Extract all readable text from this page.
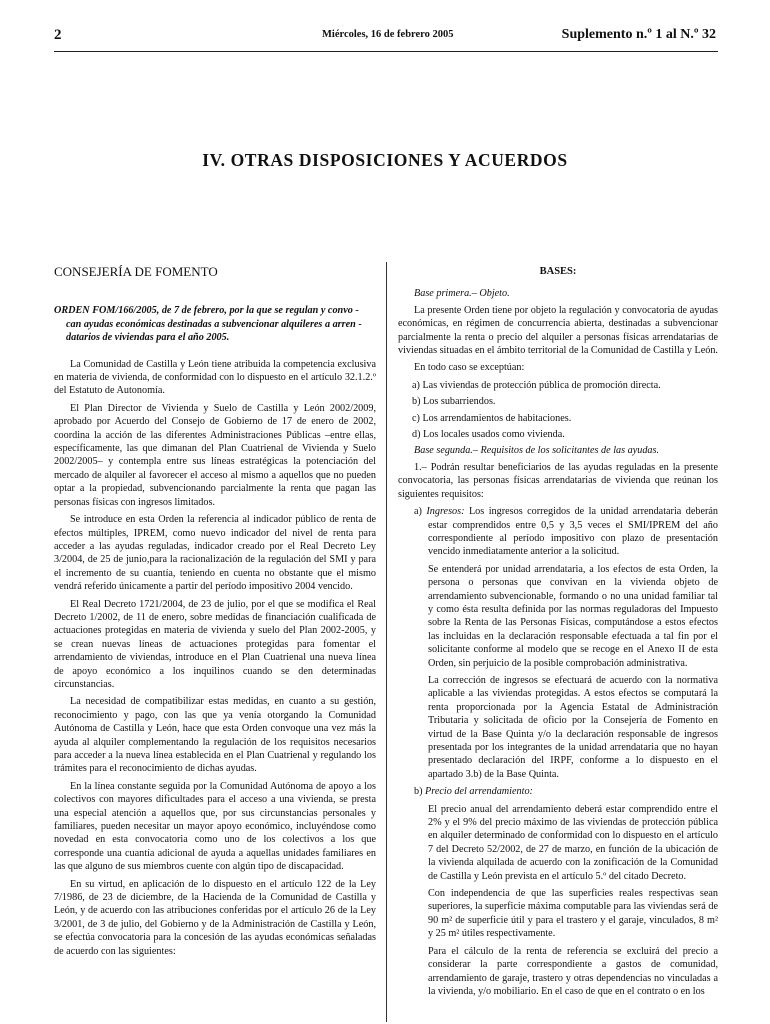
2	Miércoles, 16 de febrero 2005	Suplemento n.º 1 al N.º 32
IV. OTRAS DISPOSICIONES Y ACUERDOS
CONSEJERÍA DE FOMENTO
ORDEN FOM/166/2005, de 7 de febrero, por la que se regulan y convo -
can ayudas económicas destinadas a subvencionar alquileres a arren -
datarios de viviendas para el año 2005.

La Comunidad de Castilla y León tiene atribuida la competencia exclusiva en materia de vivienda, de conformidad con lo dispuesto en el artículo 32.1.2.º del Estatuto de Autonomía.

El Plan Director de Vivienda y Suelo de Castilla y León 2002/2009, aprobado por Acuerdo del Consejo de Gobierno de 17 de enero de 2002, coordina la acción de las diferentes Administraciones Públicas –entre ellas, específicamente, las que dimanan del Plan Cuatrienal de Vivienda y Suelo 2002/2005– y contempla entre sus líneas estratégicas la potenciación del mercado de alquiler al favorecer el acceso al mismo a aquellos que no pueden optar a la propiedad, subvencionando parcialmente la renta que pagan las personas físicas con ingresos limitados.

Se introduce en esta Orden la referencia al indicador público de renta de efectos múltiples, IPREM, como nuevo indicador del nivel de renta para acceder a las ayudas reguladas, indicador creado por el Real Decreto Ley 3/2004, de 25 de junio,para la racionalización de la regulación del SMI y para el incremento de su cuantía, teniendo en cuenta no obstante que el mismo vendrá referido únicamente a partir del período impositivo 2004 vencido.

El Real Decreto 1721/2004, de 23 de julio, por el que se modifica el Real Decreto 1/2002, de 11 de enero, sobre medidas de financiación cualificada de actuaciones protegidas en materia de vivienda y suelo del Plan 2002-2005, y se crean nuevas líneas de actuaciones protegidas para fomentar el arrendamiento de viviendas, introduce en el Plan Cuatrienal una nueva línea de apoyo económico a los inquilinos cuando se den determinadas circunstancias.

La necesidad de compatibilizar estas medidas, en cuanto a su gestión, reconocimiento y pago, con las que ya venía otorgando la Comunidad Autónoma de Castilla y León, hace que esta Orden convoque una vez más la ayuda al alquiler complementando la regulación de los requisitos necesarios para acceder a la nueva línea establecida en el Plan Cuatrienal y regulando los trámites para el reconocimiento de dichas ayudas.

En la línea constante seguida por la Comunidad Autónoma de apoyo a los colectivos con mayores dificultades para el acceso a una vivienda, se presta una especial atención a aquellos que, por sus circunstancias personales y familiares, pueden necesitar un mayor apoyo económico, incluyéndose como novedad en esta convocatoria como uno de los colectivos a los que corresponde una cuantía adicional de ayuda a aquellas unidades familiares en las que alguno de sus miembros cuente con algún tipo de discapacidad.

En su virtud, en aplicación de lo dispuesto en el artículo 122 de la Ley 7/1986, de 23 de diciembre, de la Hacienda de la Comunidad de Castilla y León, y de acuerdo con las atribuciones conferidas por el artículo 26 de la Ley 3/2001, de 3 de julio, del Gobierno y de la Administración de Castilla y León, se efectúa convocatoria para la concesión de las ayudas económicas señaladas de acuerdo con las siguientes:

BASES:
Base primera.– Objeto.

La presente Orden tiene por objeto la regulación y convocatoria de ayudas económicas, en régimen de concurrencia abierta, destinadas a subvencionar parcialmente la renta o precio del alquiler a personas físicas arrendatarias de viviendas situadas en el ámbito territorial de la Comunidad de Castilla y León.

En todo caso se exceptúan:

a) Las viviendas de protección pública de promoción directa.
b) Los subarriendos.
c) Los arrendamientos de habitaciones.
d) Los locales usados como vivienda.
Base segunda.– Requisitos de los solicitantes de las ayudas.

1.– Podrán resultar beneficiarios de las ayudas reguladas en la presente convocatoria, las personas físicas arrendatarias de vivienda que reúnan los siguientes requisitos:

a) Ingresos: Los ingresos corregidos de la unidad arrendataria deberán estar comprendidos entre 0,5 y 3,5 veces el SMI/IPREM del año correspondiente al período impositivo con plazo de presentación vencido inmediatamente anterior a la solicitud.

Se entenderá por unidad arrendataria, a los efectos de esta Orden, la persona o personas que convivan en la vivienda objeto de arrendamiento subvencionable, formando o no una unidad familiar tal y como ésta resulta definida por las normas reguladoras del Impuesto sobre la Renta de las Personas Físicas, computándose a estos efectos las incluidas en la declaración responsable efectuada a tal fin por el solicitante conforme al modelo que se recoge en el Anexo II de esta Orden, sin perjuicio de la posible comprobación administrativa.

La corrección de ingresos se efectuará de acuerdo con la normativa aplicable a las viviendas protegidas. A estos efectos se computará la renta proporcionada por la Agencia Estatal de Administración Tributaria y solicitada de oficio por la Consejería de Fomento en virtud de la Base Quinta y/o la declaración responsable de ingresos presentada por los integrantes de la unidad arrendataria que no hayan presentado declaración del IRPF, conforme a lo dispuesto en el apartado 3.b) de la Base Quinta.

b) Precio del arrendamiento:

El precio anual del arrendamiento deberá estar comprendido entre el 2% y el 9% del precio máximo de las viviendas de protección pública en alquiler determinado de conformidad con lo dispuesto en el artículo 7 del Decreto 52/2002, de 27 de marzo, en función de la ubicación de la vivienda alquilada de acuerdo con la zonificación de la Comunidad de Castilla y León prevista en el artículo 5.º del citado Decreto.

Con independencia de que las superficies reales respectivas sean superiores, la superficie máxima computable para las viviendas será de 90 m² de superficie útil y para el trastero y el garaje, vinculados, 8 m² y 25 m² útiles respectivamente.

Para el cálculo de la renta de referencia se excluirá del precio a considerar la parte correspondiente a gastos de comunidad, arrendamiento de garaje, trastero y otras dependencias no vinculadas a la vivienda, y/o mobiliario. En el caso de que en el contrato o en los
